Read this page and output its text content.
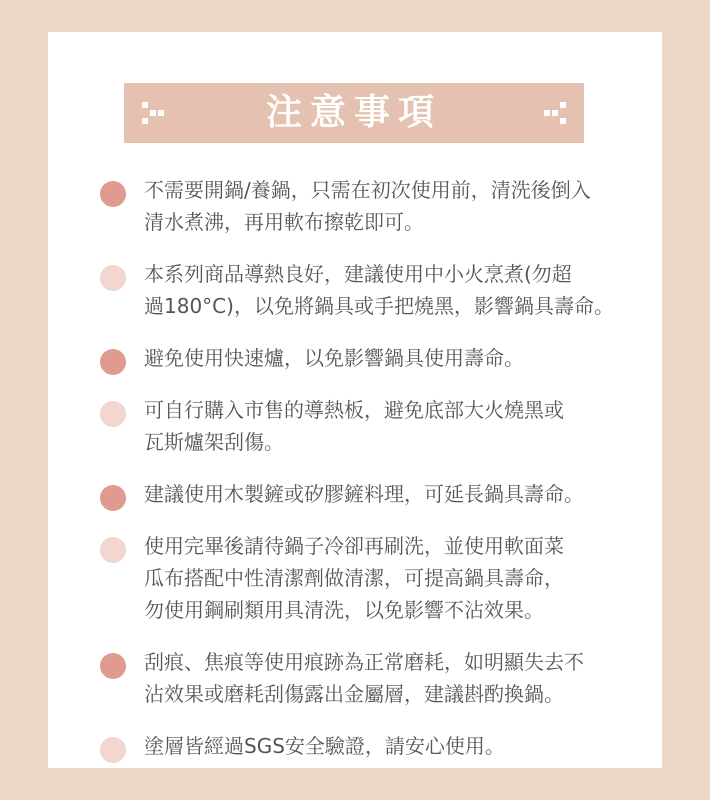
注意事項
不需要開鍋/養鍋，只需在初次使用前，清洗後倒入
清水煮沸，再用軟布擦乾即可。
本系列商品導熱良好，建議使用中小火烹煮(勿超
過180°C)，以免將鍋具或手把燒黑，影響鍋具壽命。
避免使用快速爐，以免影響鍋具使用壽命。
可自行購入市售的導熱板，避免底部大火燒黑或
瓦斯爐架刮傷。
建議使用木製鏟或矽膠鏟料理，可延長鍋具壽命。
使用完畢後請待鍋子冷卻再刷洗，並使用軟面菜
瓜布搭配中性清潔劑做清潔，可提高鍋具壽命，
勿使用鋼刷類用具清洗，以免影響不沾效果。
刮痕、焦痕等使用痕跡為正常磨耗，如明顯失去不
沾效果或磨耗刮傷露出金屬層，建議斟酌換鍋。
塗層皆經過SGS安全驗證，請安心使用。
